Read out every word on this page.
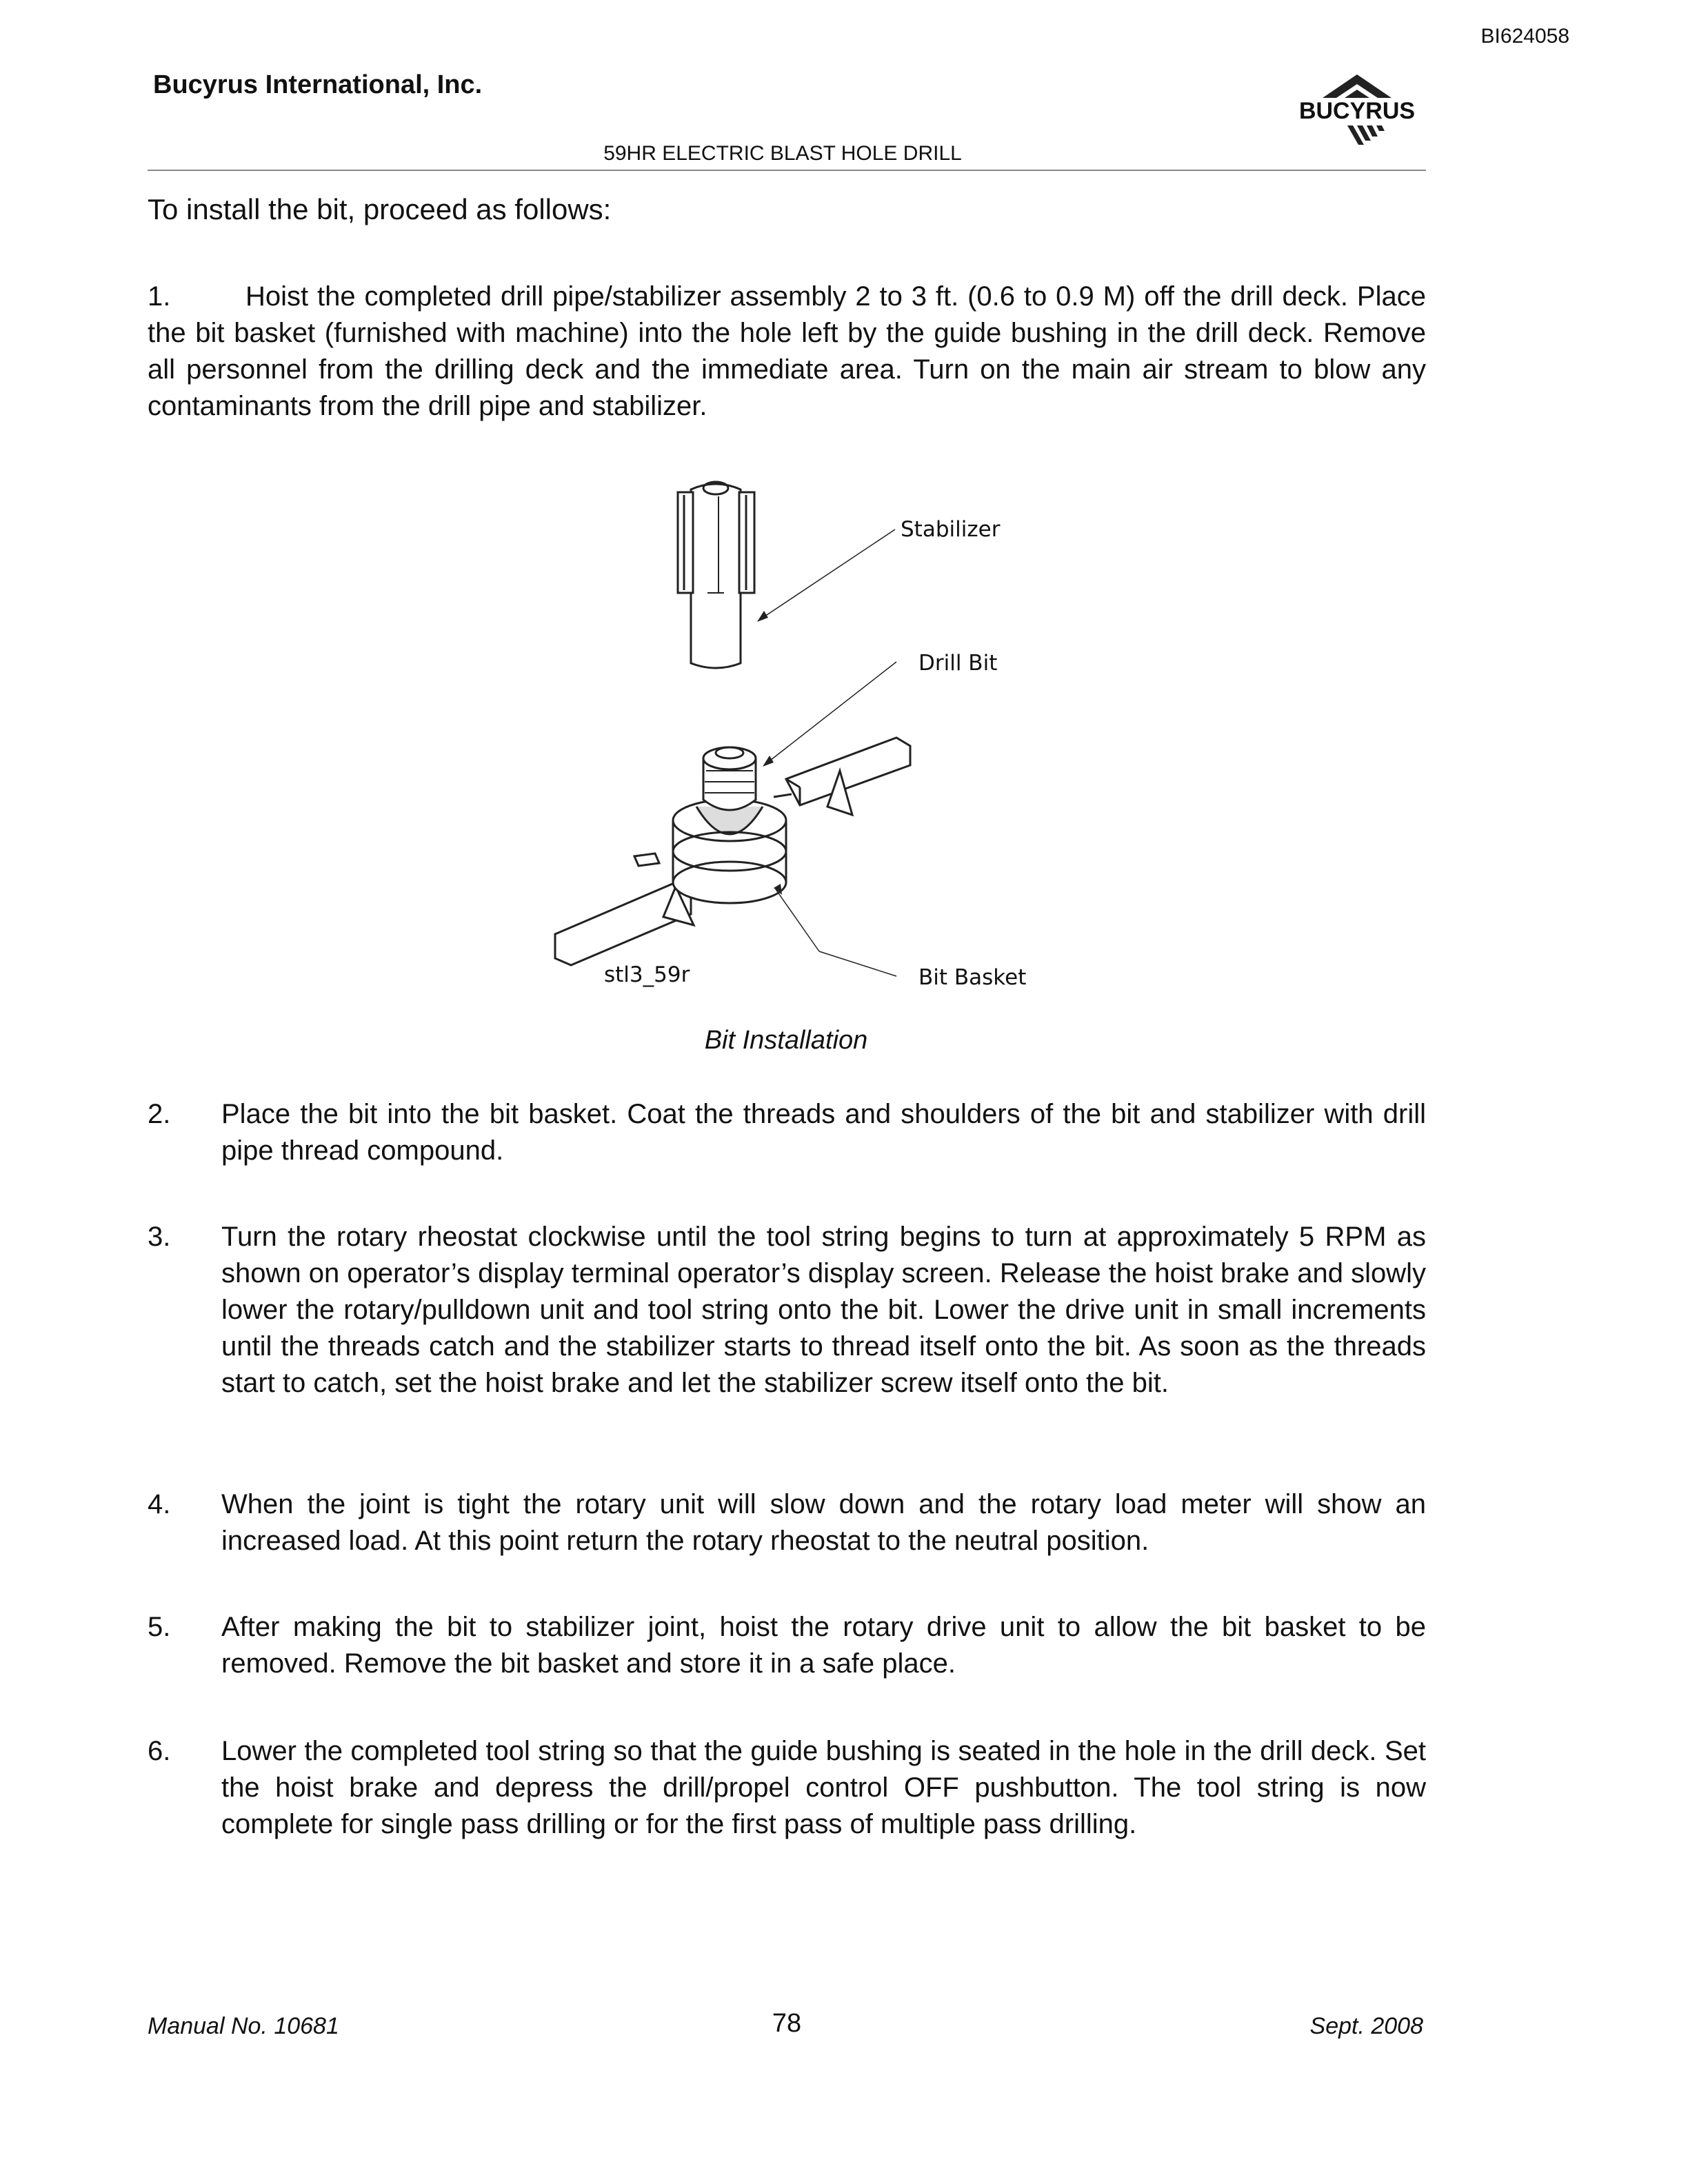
BI624058
Bucyrus International, Inc.
BUCYRUS
59HR ELECTRIC BLAST HOLE DRILL
To install the bit, proceed as follows:
1.	Hoist the completed drill pipe/stabilizer assembly 2 to 3 ft. (0.6 to 0.9 M) off the drill deck. Place the bit basket (furnished with machine) into the hole left by the guide bushing in the drill deck. Remove all personnel from the drilling deck and the immediate area. Turn on the main air stream to blow any contaminants from the drill pipe and stabilizer.
Stabilizer
Drill Bit
Bit Basket
stl3_59r
Bit Installation
2. Place the bit into the bit basket. Coat the threads and shoulders of the bit and stabilizer with drill pipe thread compound.
3. Turn the rotary rheostat clockwise until the tool string begins to turn at approximately 5 RPM as shown on operator’s display terminal operator’s display screen. Release the hoist brake and slowly lower the rotary/pulldown unit and tool string onto the bit. Lower the drive unit in small increments until the threads catch and the stabilizer starts to thread itself onto the bit. As soon as the threads start to catch, set the hoist brake and let the stabilizer screw itself onto the bit.
4. When the joint is tight the rotary unit will slow down and the rotary load meter will show an increased load. At this point return the rotary rheostat to the neutral position.
5. After making the bit to stabilizer joint, hoist the rotary drive unit to allow the bit basket to be removed. Remove the bit basket and store it in a safe place.
6. Lower the completed tool string so that the guide bushing is seated in the hole in the drill deck. Set the hoist brake and depress the drill/propel control OFF pushbutton. The tool string is now complete for single pass drilling or for the first pass of multiple pass drilling.
Manual No. 10681	78	Sept. 2008
